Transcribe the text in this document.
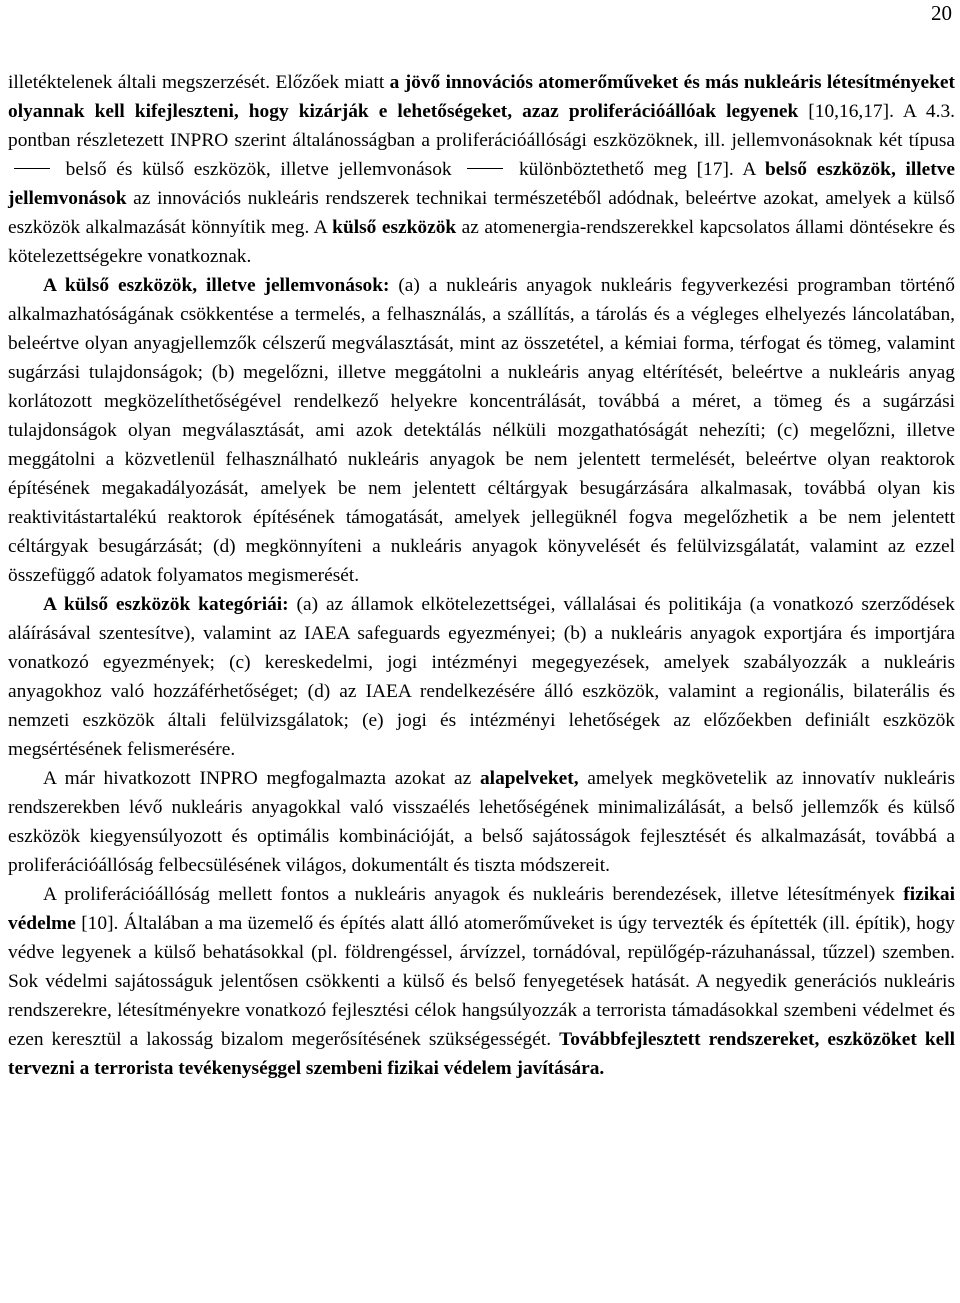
20

illetéktelenek általi megszerzését. Előzőek miatt a jövő innovációs atomerőműveket és más nukleáris létesítményeket olyannak kell kifejleszteni, hogy kizárják e lehetőségeket, azaz proliferációállóak legyenek [10,16,17]. A 4.3. pontban részletezett INPRO szerint általánosságban a proliferációállósági eszközöknek, ill. jellemvonásoknak két típusa  belső és külső eszközök, illetve jellemvonások	különböztethető meg [17]. A belső eszközök, illetve jellemvonások az innovációs nukleáris rendszerek technikai természetéből adódnak, beleértve azokat, amelyek a külső eszközök alkalmazását könnyítik meg. A külső eszközök az atomenergia-rendszerekkel kapcsolatos állami döntésekre és kötelezettségekre vonatkoznak.

A külső eszközök, illetve jellemvonások: (a) a nukleáris anyagok nukleáris fegyverkezési programban történő alkalmazhatóságának csökkentése a termelés, a felhasználás, a szállítás, a tárolás és a végleges elhelyezés láncolatában, beleértve olyan anyagjellemzők célszerű megválasztását, mint az összetétel, a kémiai forma, térfogat és tömeg, valamint sugárzási tulajdonságok; (b) megelőzni, illetve meggátolni a nukleáris anyag eltérítését, beleértve a nukleáris anyag korlátozott megközelíthetőségével rendelkező helyekre koncentrálását, továbbá a méret, a tömeg és a sugárzási tulajdonságok olyan megválasztását, ami azok detektálás nélküli mozgathatóságát nehezíti; (c) megelőzni, illetve meggátolni a közvetlenül felhasználható nukleáris anyagok be nem jelentett termelését, beleértve olyan reaktorok építésének megakadályozását, amelyek be nem jelentett céltárgyak besugárzására alkalmasak, továbbá olyan kis reaktivitástartalékú reaktorok építésének támogatását, amelyek jellegüknél fogva megelőzhetik a be nem jelentett céltárgyak besugárzását; (d) megkönnyíteni a nukleáris anyagok könyvelését és felülvizsgálatát, valamint az ezzel összefüggő adatok folyamatos megismerését.

A külső eszközök kategóriái: (a) az államok elkötelezettségei, vállalásai és politikája (a vonatkozó szerződések aláírásával szentesítve), valamint az IAEA safeguards egyezményei; (b) a nukleáris anyagok exportjára és importjára vonatkozó egyezmények; (c) kereskedelmi, jogi intézményi megegyezések, amelyek szabályozzák a nukleáris anyagokhoz való hozzáférhetőséget; (d) az IAEA rendelkezésére álló eszközök, valamint a regionális, bilaterális és nemzeti eszközök általi felülvizsgálatok; (e) jogi és intézményi lehetőségek az előzőekben definiált eszközök megsértésének felismerésére.

A már hivatkozott INPRO megfogalmazta azokat az alapelveket, amelyek megkövetelik az innovatív nukleáris rendszerekben lévő nukleáris anyagokkal való visszaélés lehetőségének minimalizálását, a belső jellemzők és külső eszközök kiegyensúlyozott és optimális kombinációját, a belső sajátosságok fejlesztését és alkalmazását, továbbá a proliferációállóság felbecsülésének világos, dokumentált és tiszta módszereit.

A proliferációállóság mellett fontos a nukleáris anyagok és nukleáris berendezések, illetve létesítmények fizikai védelme [10]. Általában a ma üzemelő és építés alatt álló atomerőműveket is úgy tervezték és építették (ill. építik), hogy védve legyenek a külső behatásokkal (pl. földrengéssel, árvízzel, tornádóval, repülőgép-rázuhanással, tűzzel) szemben. Sok védelmi sajátosságuk jelentősen csökkenti a külső és belső fenyegetések hatását. A negyedik generációs nukleáris rendszerekre, létesítményekre vonatkozó fejlesztési célok hangsúlyozzák a terrorista támadásokkal szembeni védelmet és ezen keresztül a lakosság bizalom megerősítésének szükségességét. Továbbfejlesztett rendszereket, eszközöket kell tervezni a terrorista tevékenységgel szembeni fizikai védelem javítására.
